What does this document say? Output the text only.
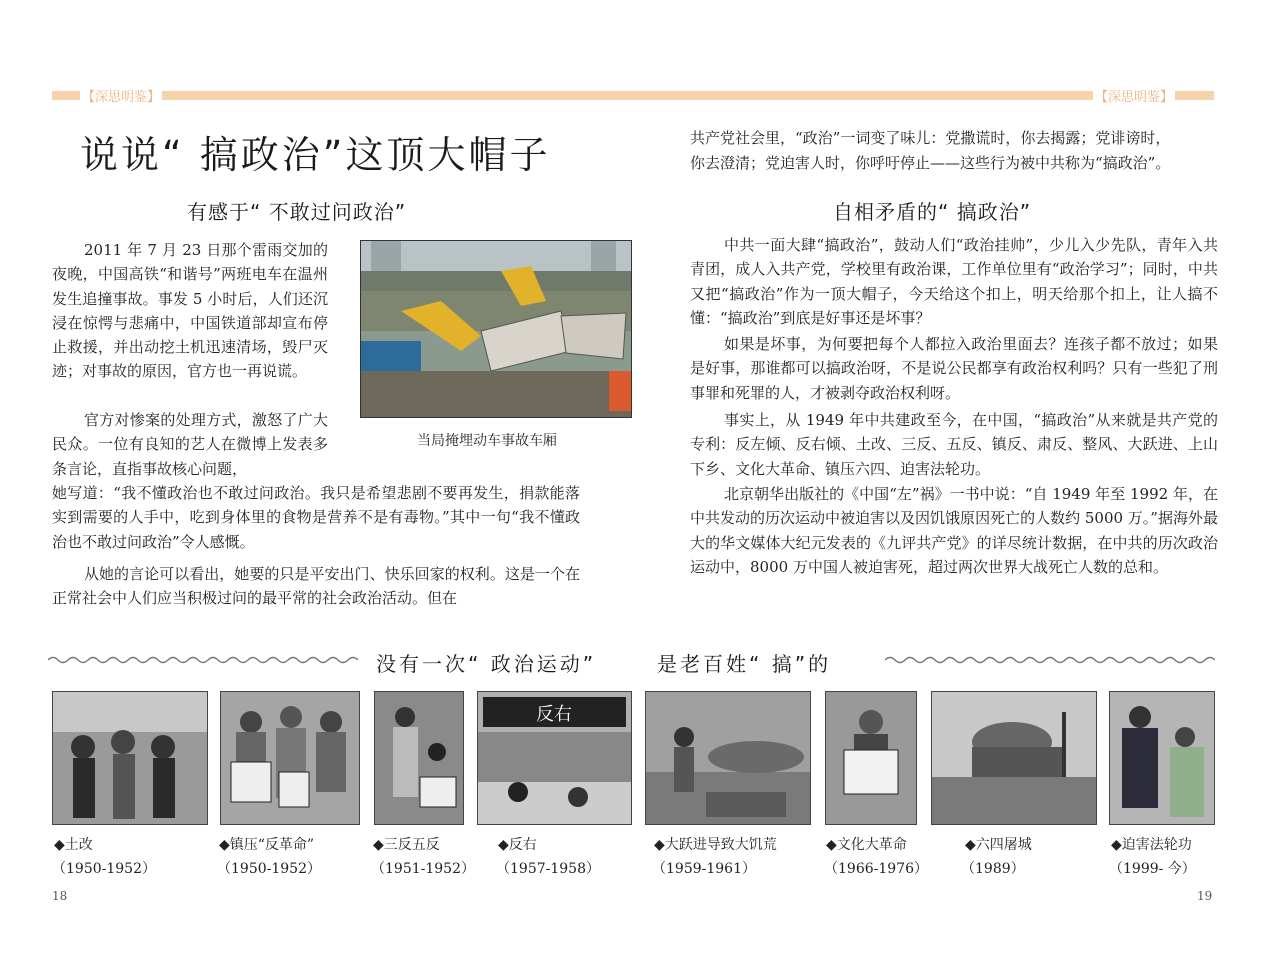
【深思明鉴】	【深思明鉴】
说说“ 搞政治”这顶大帽子
有感于“ 不敢过问政治”

2011 年 7 月 23 日那个雷雨交加的夜晚，中国高铁“和谐号”两班电车在温州发生追撞事故。事发 5 小时后，人们还沉浸在惊愕与悲痛中，中国铁道部却宣布停止救援，并出动挖土机迅速清场，毁尸灭迹；对事故的原因，官方也一再说谎。

官方对惨案的处理方式，激怒了广大民众。一位有良知的艺人在微博上发表多条言论，直指事故核心问题，

她写道：“我不懂政治也不敢过问政治。我只是希望悲剧不要再发生，捐款能落实到需要的人手中，吃到身体里的食物是营养不是有毒物。”其中一句“我不懂政治也不敢过问政治”令人感慨。

从她的言论可以看出，她要的只是平安出门、快乐回家的权利。这是一个在正常社会中人们应当积极过问的最平常的社会政治活动。但在

当局掩埋动车事故车厢

共产党社会里，“政治”一词变了味儿：党撒谎时，你去揭露；党诽谤时，

你去澄清；党迫害人时，你呼吁停止——这些行为被中共称为“搞政治”。

自相矛盾的“ 搞政治”

中共一面大肆“搞政治”，鼓动人们“政治挂帅”，少儿入少先队，青年入共青团，成人入共产党，学校里有政治课，工作单位里有“政治学习”；同时，中共又把“搞政治”作为一顶大帽子，今天给这个扣上，明天给那个扣上，让人搞不懂：“搞政治”到底是好事还是坏事？

如果是坏事，为何要把每个人都拉入政治里面去？连孩子都不放过；如果是好事，那谁都可以搞政治呀，不是说公民都享有政治权利吗？只有一些犯了刑事罪和死罪的人，才被剥夺政治权利呀。

事实上，从 1949 年中共建政至今，在中国，“搞政治”从来就是共产党的专利：反左倾、反右倾、土改、三反、五反、镇反、肃反、整风、大跃进、上山下乡、文化大革命、镇压六四、迫害法轮功。

北京朝华出版社的《中国“左”祸》一书中说：“自 1949 年至 1992 年，在中共发动的历次运动中被迫害以及因饥饿原因死亡的人数约 5000 万。”据海外最大的华文媒体大纪元发表的《九评共产党》的详尽统计数据，在中共的历次政治运动中，8000 万中国人被迫害死，超过两次世界大战死亡人数的总和。

没有一次“ 政治运动”	是老百姓“ 搞”的
反右
◆土改
（1950-1952）
◆镇压“反革命”
（1950-1952）
◆三反五反
（1951-1952）
◆反右
（1957-1958）
◆大跃进导致大饥荒
（1959-1961）
◆文化大革命
（1966-1976）
◆六四屠城
（1989）
◆迫害法轮功
（1999- 今）
18	19
